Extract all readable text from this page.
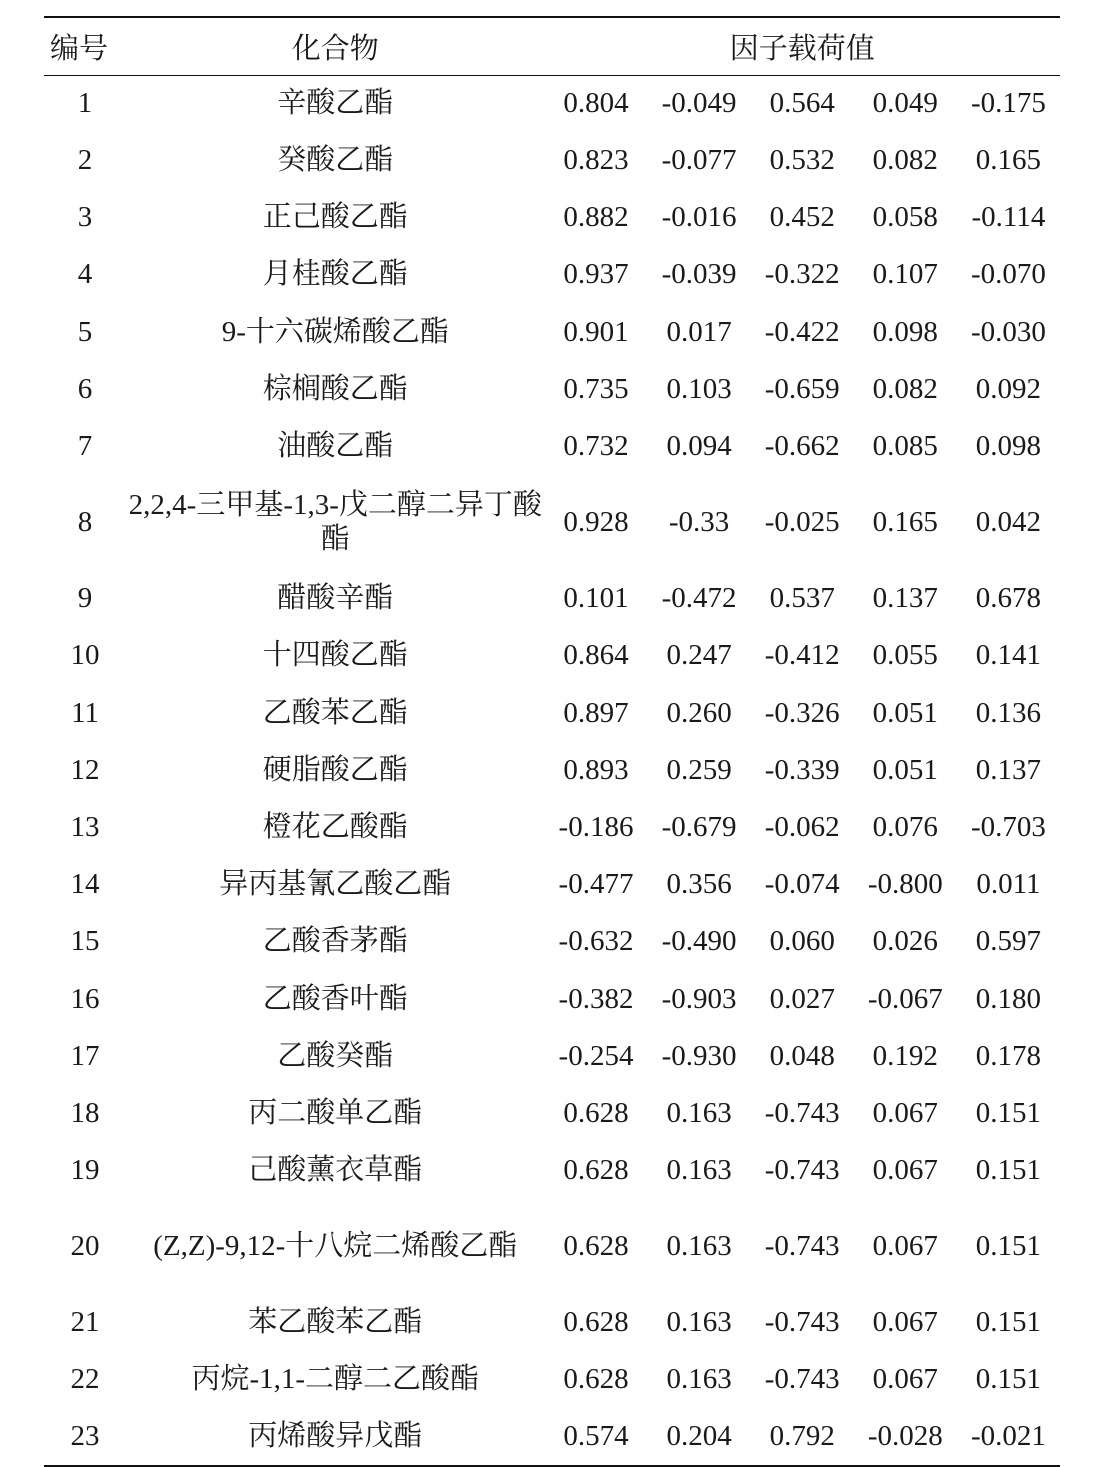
编号	化合物	因子载荷值				
1	辛酸乙酯	0.804	-0.049	0.564	0.049	-0.175
2	癸酸乙酯	0.823	-0.077	0.532	0.082	0.165
3	正己酸乙酯	0.882	-0.016	0.452	0.058	-0.114
4	月桂酸乙酯	0.937	-0.039	-0.322	0.107	-0.070
5	9-十六碳烯酸乙酯	0.901	0.017	-0.422	0.098	-0.030
6	棕榈酸乙酯	0.735	0.103	-0.659	0.082	0.092
7	油酸乙酯	0.732	0.094	-0.662	0.085	0.098
8	2,2,4-三甲基-1,3-戊二醇二异丁酸酯	0.928	-0.33	-0.025	0.165	0.042
9	醋酸辛酯	0.101	-0.472	0.537	0.137	0.678
10	十四酸乙酯	0.864	0.247	-0.412	0.055	0.141
11	乙酸苯乙酯	0.897	0.260	-0.326	0.051	0.136
12	硬脂酸乙酯	0.893	0.259	-0.339	0.051	0.137
13	橙花乙酸酯	-0.186	-0.679	-0.062	0.076	-0.703
14	异丙基氰乙酸乙酯	-0.477	0.356	-0.074	-0.800	0.011
15	乙酸香茅酯	-0.632	-0.490	0.060	0.026	0.597
16	乙酸香叶酯	-0.382	-0.903	0.027	-0.067	0.180
17	乙酸癸酯	-0.254	-0.930	0.048	0.192	0.178
18	丙二酸单乙酯	0.628	0.163	-0.743	0.067	0.151
19	己酸薰衣草酯	0.628	0.163	-0.743	0.067	0.151
20	(Z,Z)-9,12-十八烷二烯酸乙酯	0.628	0.163	-0.743	0.067	0.151
21	苯乙酸苯乙酯	0.628	0.163	-0.743	0.067	0.151
22	丙烷-1,1-二醇二乙酸酯	0.628	0.163	-0.743	0.067	0.151
23	丙烯酸异戊酯	0.574	0.204	0.792	-0.028	-0.021
